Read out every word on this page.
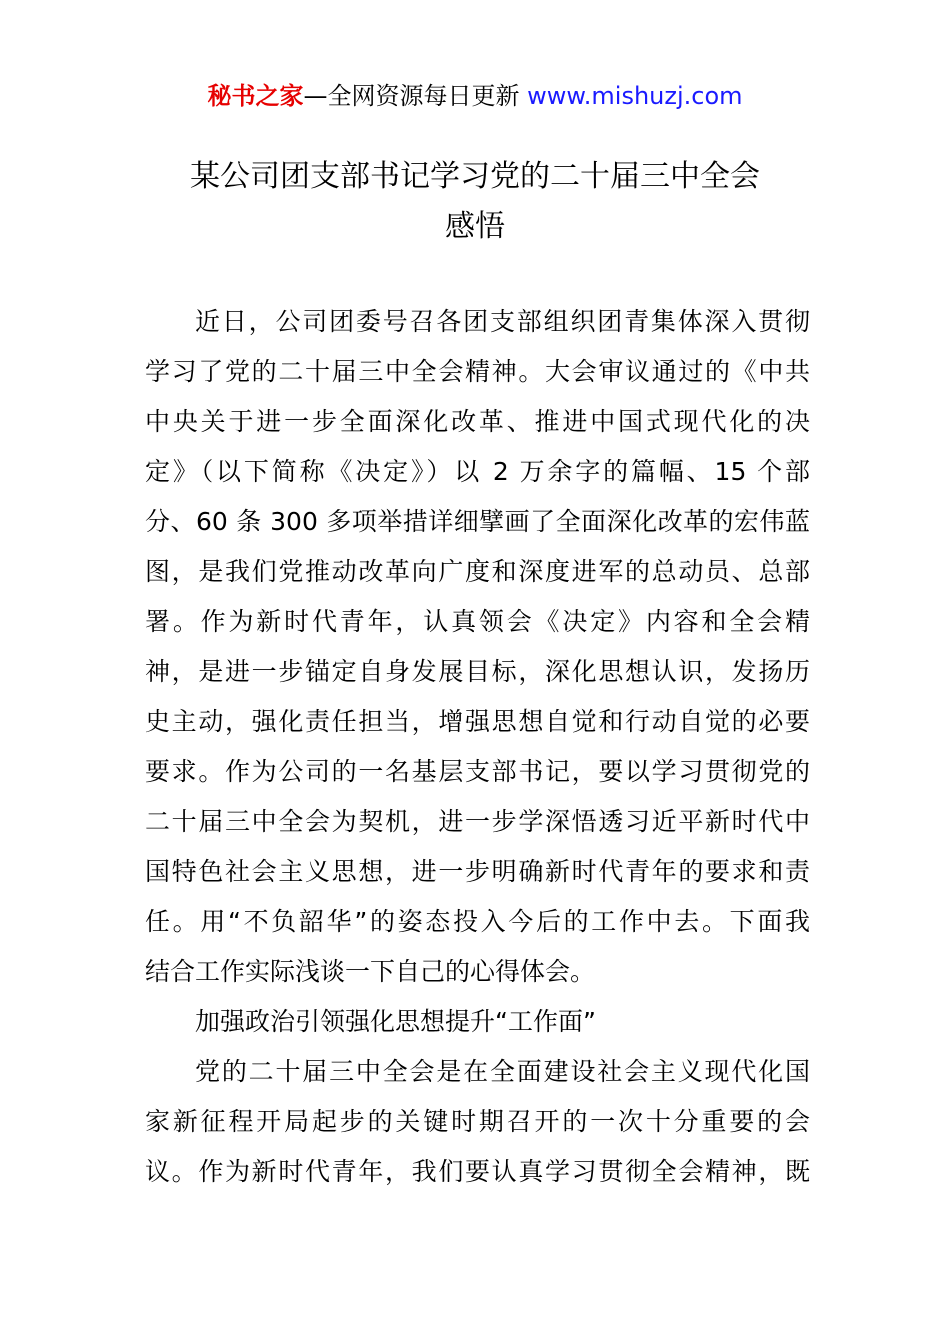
秘书之家—全网资源每日更新 www.mishuzj.com
某公司团支部书记学习党的二十届三中全会
感悟
近日，公司团委号召各团支部组织团青集体深入贯彻
学习了党的二十届三中全会精神。大会审议通过的《中共
中央关于进一步全面深化改革、推进中国式现代化的决
定》（以下简称《决定》）以 2 万余字的篇幅、15 个部
分、60 条 300 多项举措详细擘画了全面深化改革的宏伟蓝
图，是我们党推动改革向广度和深度进军的总动员、总部
署。作为新时代青年，认真领会《决定》内容和全会精
神，是进一步锚定自身发展目标，深化思想认识，发扬历
史主动，强化责任担当，增强思想自觉和行动自觉的必要
要求。作为公司的一名基层支部书记，要以学习贯彻党的
二十届三中全会为契机，进一步学深悟透习近平新时代中
国特色社会主义思想，进一步明确新时代青年的要求和责
任。用“不负韶华”的姿态投入今后的工作中去。下面我
结合工作实际浅谈一下自己的心得体会。
加强政治引领强化思想提升“工作面”
党的二十届三中全会是在全面建设社会主义现代化国
家新征程开局起步的关键时期召开的一次十分重要的会
议。作为新时代青年，我们要认真学习贯彻全会精神，既
